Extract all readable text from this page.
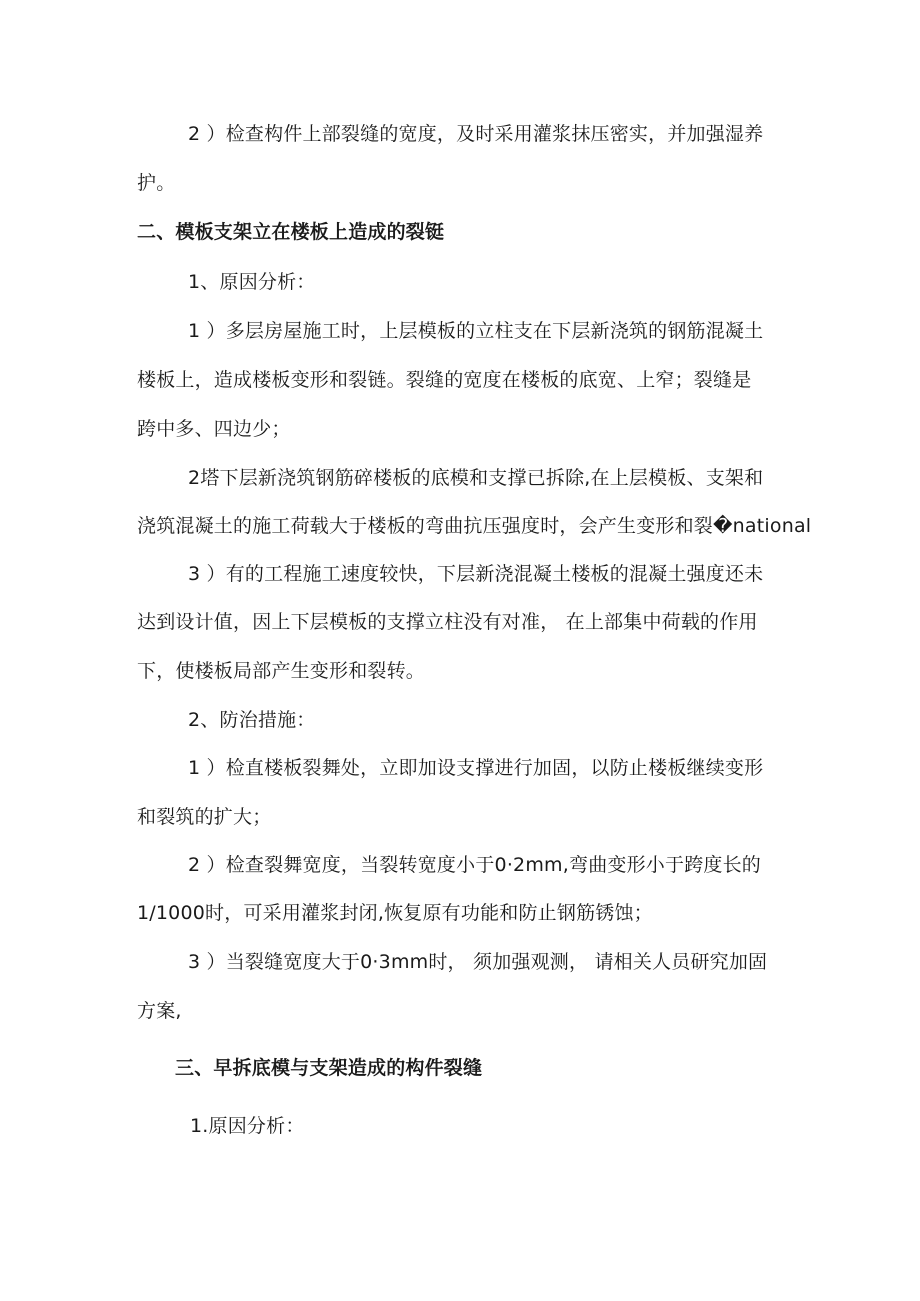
2 ）检查构件上部裂缝的宽度，及时采用灌浆抹压密实，并加强湿养
护。
二、模板支架立在楼板上造成的裂铤
1、原因分析：
1 ）多层房屋施工时，上层模板的立柱支在下层新浇筑的钢筋混凝土
楼板上，造成楼板变形和裂链。裂缝的宽度在楼板的底宽、上窄；裂缝是
跨中多、四边少；
2塔下层新浇筑钢筋碎楼板的底模和支撑已拆除,在上层模板、支架和
浇筑混凝土的施工荷载大于楼板的弯曲抗压强度时，会产生变形和裂�national
3 ）有的工程施工速度较快，下层新浇混凝土楼板的混凝土强度还未
达到设计值，因上下层模板的支撑立柱没有对准， 在上部集中荷载的作用
下，使楼板局部产生变形和裂转。
2、防治措施：
1 ）检直楼板裂舞处，立即加设支撑进行加固，以防止楼板继续变形
和裂筑的扩大；
2 ）检查裂舞宽度，当裂转宽度小于0·2mm,弯曲变形小于跨度长的
1/1000时，可采用灌浆封闭,恢复原有功能和防止钢筋锈蚀；
3 ）当裂缝宽度大于0·3mm时， 须加强观测， 请相关人员研究加固
方案,
三、早拆底模与支架造成的构件裂缝
1.原因分析：
